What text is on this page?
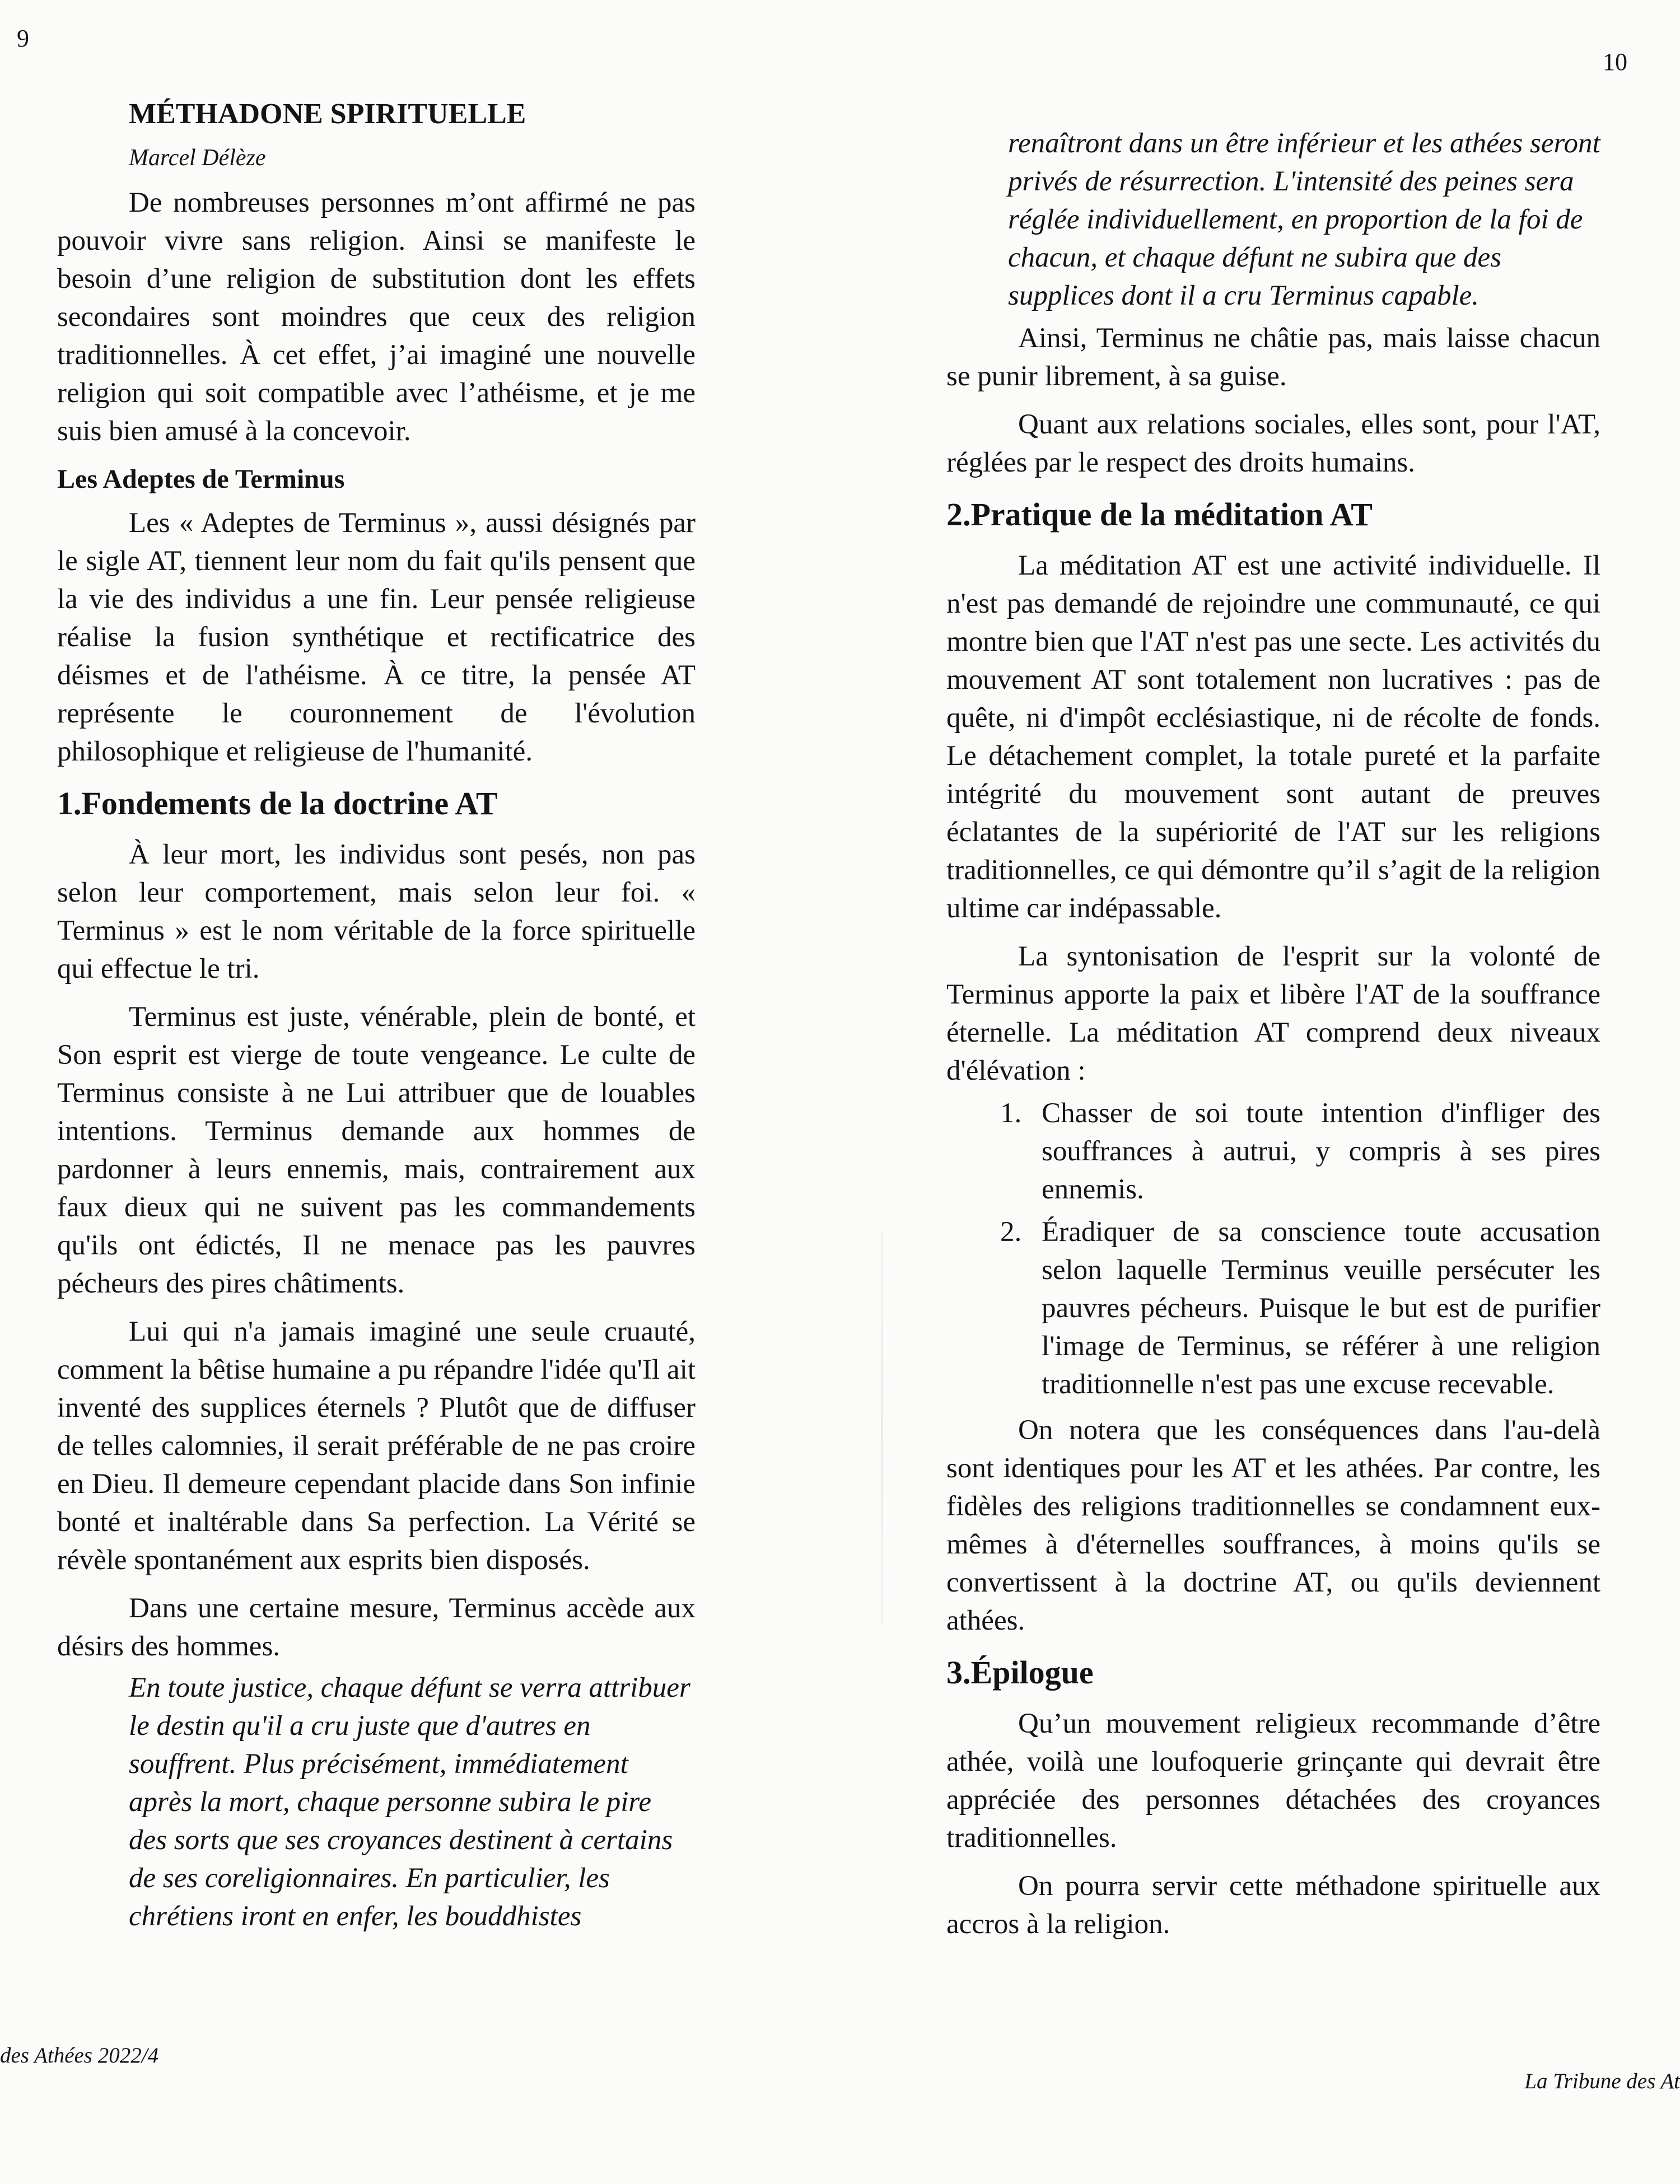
9
10

MÉTHADONE SPIRITUELLE

Marcel Délèze

De nombreuses personnes m’ont affirmé ne pas pouvoir vivre sans religion. Ainsi se manifeste le besoin d’une religion de substitution dont les effets secondaires sont moindres que ceux des religion traditionnelles. À cet effet, j’ai imaginé une nouvelle religion qui soit compatible avec l’athéisme, et je me suis bien amusé à la concevoir.

Les Adeptes de Terminus

Les « Adeptes de Terminus », aussi désignés par le sigle AT, tiennent leur nom du fait qu'ils pensent que la vie des individus a une fin. Leur pensée religieuse réalise la fusion synthétique et rectificatrice des déismes et de l'athéisme. À ce titre, la pensée AT représente le couronnement de l'évolution philosophique et religieuse de l'humanité.

1.Fondements de la doctrine AT

À leur mort, les individus sont pesés, non pas selon leur comportement, mais selon leur foi. « Terminus » est le nom véritable de la force spirituelle qui effectue le tri.

Terminus est juste, vénérable, plein de bonté, et Son esprit est vierge de toute vengeance. Le culte de Terminus consiste à ne Lui attribuer que de louables intentions. Terminus demande aux hommes de pardonner à leurs ennemis, mais, contrairement aux faux dieux qui ne suivent pas les commandements qu'ils ont édictés, Il ne menace pas les pauvres pécheurs des pires châtiments.

Lui qui n'a jamais imaginé une seule cruauté, comment la bêtise humaine a pu répandre l'idée qu'Il ait inventé des supplices éternels ? Plutôt que de diffuser de telles calomnies, il serait préférable de ne pas croire en Dieu. Il demeure cependant placide dans Son infinie bonté et inaltérable dans Sa perfection. La Vérité se révèle spontanément aux esprits bien disposés.

Dans une certaine mesure, Terminus accède aux désirs des hommes.

En toute justice, chaque défunt se verra attribuer le destin qu'il a cru juste que d'autres en souffrent. Plus précisément, immédiatement après la mort, chaque personne subira le pire des sorts que ses croyances destinent à certains de ses coreligionnaires. En particulier, les chrétiens iront en enfer, les bouddhistes

renaîtront dans un être inférieur et les athées seront privés de résurrection. L'intensité des peines sera réglée individuellement, en proportion de la foi de chacun, et chaque défunt ne subira que des supplices dont il a cru Terminus capable.

Ainsi, Terminus ne châtie pas, mais laisse chacun se punir librement, à sa guise.

Quant aux relations sociales, elles sont, pour l'AT, réglées par le respect des droits humains.

2.Pratique de la méditation AT

La méditation AT est une activité individuelle. Il n'est pas demandé de rejoindre une communauté, ce qui montre bien que l'AT n'est pas une secte. Les activités du mouvement AT sont totalement non lucratives : pas de quête, ni d'impôt ecclésiastique, ni de récolte de fonds. Le détachement complet, la totale pureté et la parfaite intégrité du mouvement sont autant de preuves éclatantes de la supériorité de l'AT sur les religions traditionnelles, ce qui démontre qu’il s’agit de la religion ultime car indépassable.

La syntonisation de l'esprit sur la volonté de Terminus apporte la paix et libère l'AT de la souffrance éternelle. La méditation AT comprend deux niveaux d'élévation :

1. Chasser de soi toute intention d'infliger des souffrances à autrui, y compris à ses pires ennemis.
2. Éradiquer de sa conscience toute accusation selon laquelle Terminus veuille persécuter les pauvres pécheurs. Puisque le but est de purifier l'image de Terminus, se référer à une religion traditionnelle n'est pas une excuse recevable.

On notera que les conséquences dans l'au-delà sont identiques pour les AT et les athées. Par contre, les fidèles des religions traditionnelles se condamnent eux-mêmes à d'éternelles souffrances, à moins qu'ils se convertissent à la doctrine AT, ou qu'ils deviennent athées.

3.Épilogue

Qu’un mouvement religieux recommande d’être athée, voilà une loufoquerie grinçante qui devrait être appréciée des personnes détachées des croyances traditionnelles.

On pourra servir cette méthadone spirituelle aux accros à la religion.

des Athées 2022/4
La Tribune des At
